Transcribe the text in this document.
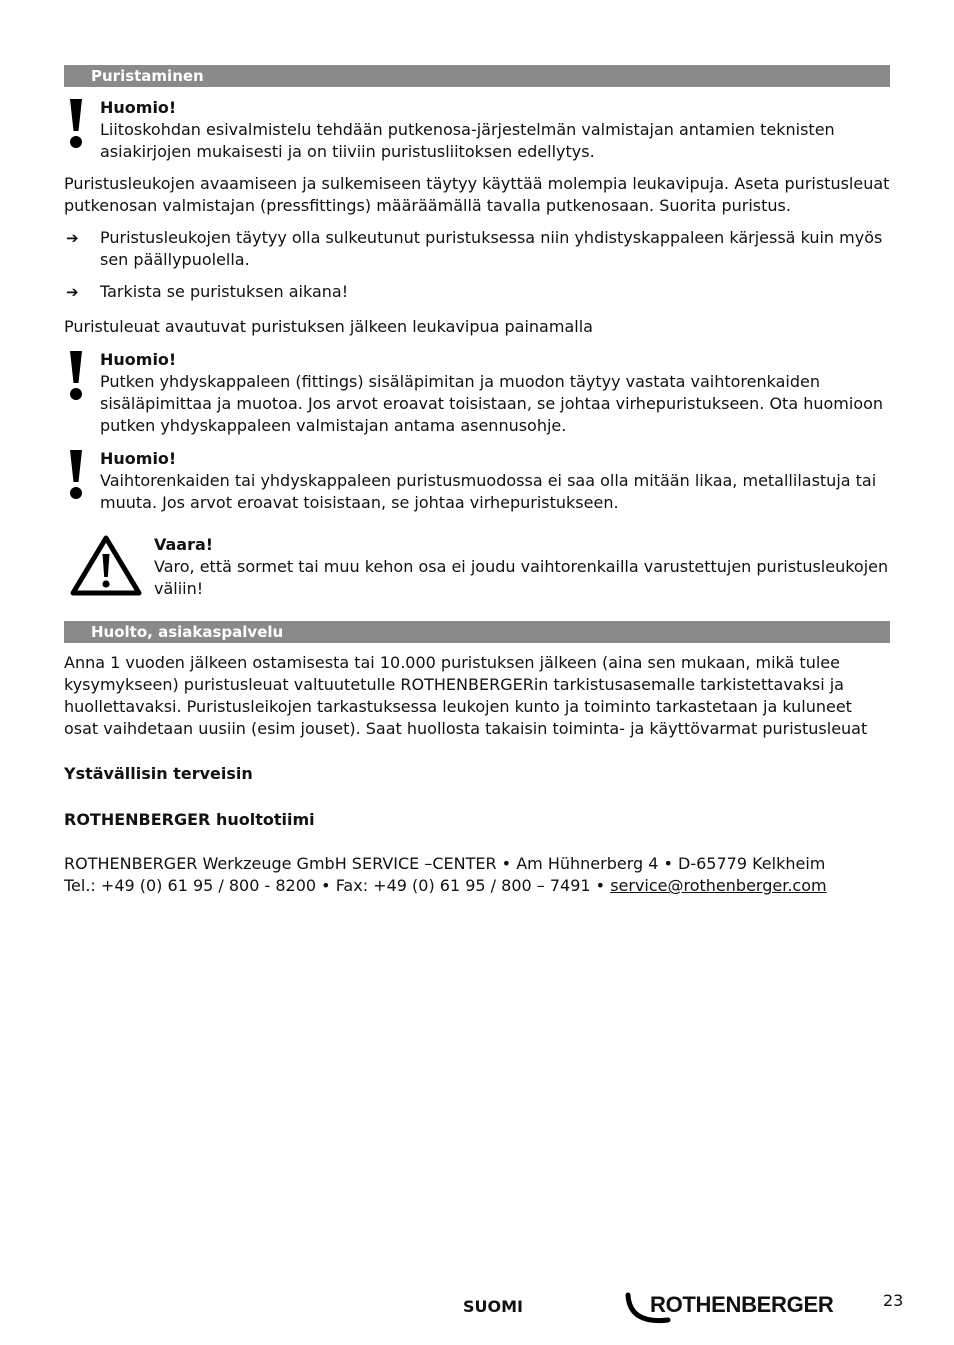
Puristaminen
Huomio!

Liitoskohdan esivalmistelu tehdään putkenosa-järjestelmän valmistajan antamien teknisten asiakirjojen mukaisesti ja on tiiviin puristusliitoksen edellytys.

Puristusleukojen avaamiseen ja sulkemiseen täytyy käyttää molempia leukavipuja. Aseta puristusleuat putkenosan valmistajan (pressfittings) määräämällä tavalla putkenosaan. Suorita puristus.

➔ Puristusleukojen täytyy olla sulkeutunut puristuksessa niin yhdistyskappaleen kärjessä kuin myös sen päällypuolella.

➔ Tarkista se puristuksen aikana!

Puristuleuat avautuvat puristuksen jälkeen leukavipua painamalla

Huomio!

Putken yhdyskappaleen (fittings) sisäläpimitan ja muodon täytyy vastata vaihtorenkaiden sisäläpimittaa ja muotoa. Jos arvot eroavat toisistaan, se johtaa virhepuristukseen. Ota huomioon putken yhdyskappaleen valmistajan antama asennusohje.

Huomio!

Vaihtorenkaiden tai yhdyskappaleen puristusmuodossa ei saa olla mitään likaa, metallilastuja tai muuta. Jos arvot eroavat toisistaan, se johtaa virhepuristukseen.

Vaara!

Varo, että sormet tai muu kehon osa ei joudu vaihtorenkailla varustettujen puristusleukojen väliin!

Huolto, asiakaspalvelu

Anna 1 vuoden jälkeen ostamisesta tai 10.000 puristuksen jälkeen (aina sen mukaan, mikä tulee kysymykseen) puristusleuat valtuutetulle ROTHENBERGERin tarkistusasemalle tarkistettavaksi ja huollettavaksi. Puristusleikojen tarkastuksessa leukojen kunto ja toiminto tarkastetaan ja kuluneet osat vaihdetaan uusiin (esim jouset). Saat huollosta takaisin toiminta- ja käyttövarmat puristusleuat

Ystävällisin terveisin

ROTHENBERGER huoltotiimi

ROTHENBERGER Werkzeuge GmbH SERVICE –CENTER • Am Hühnerberg 4 • D-65779 Kelkheim

Tel.: +49 (0) 61 95 / 800 - 8200 • Fax: +49 (0) 61 95 / 800 – 7491 • service@rothenberger.com

SUOMI	ROTHENBERGER	23
